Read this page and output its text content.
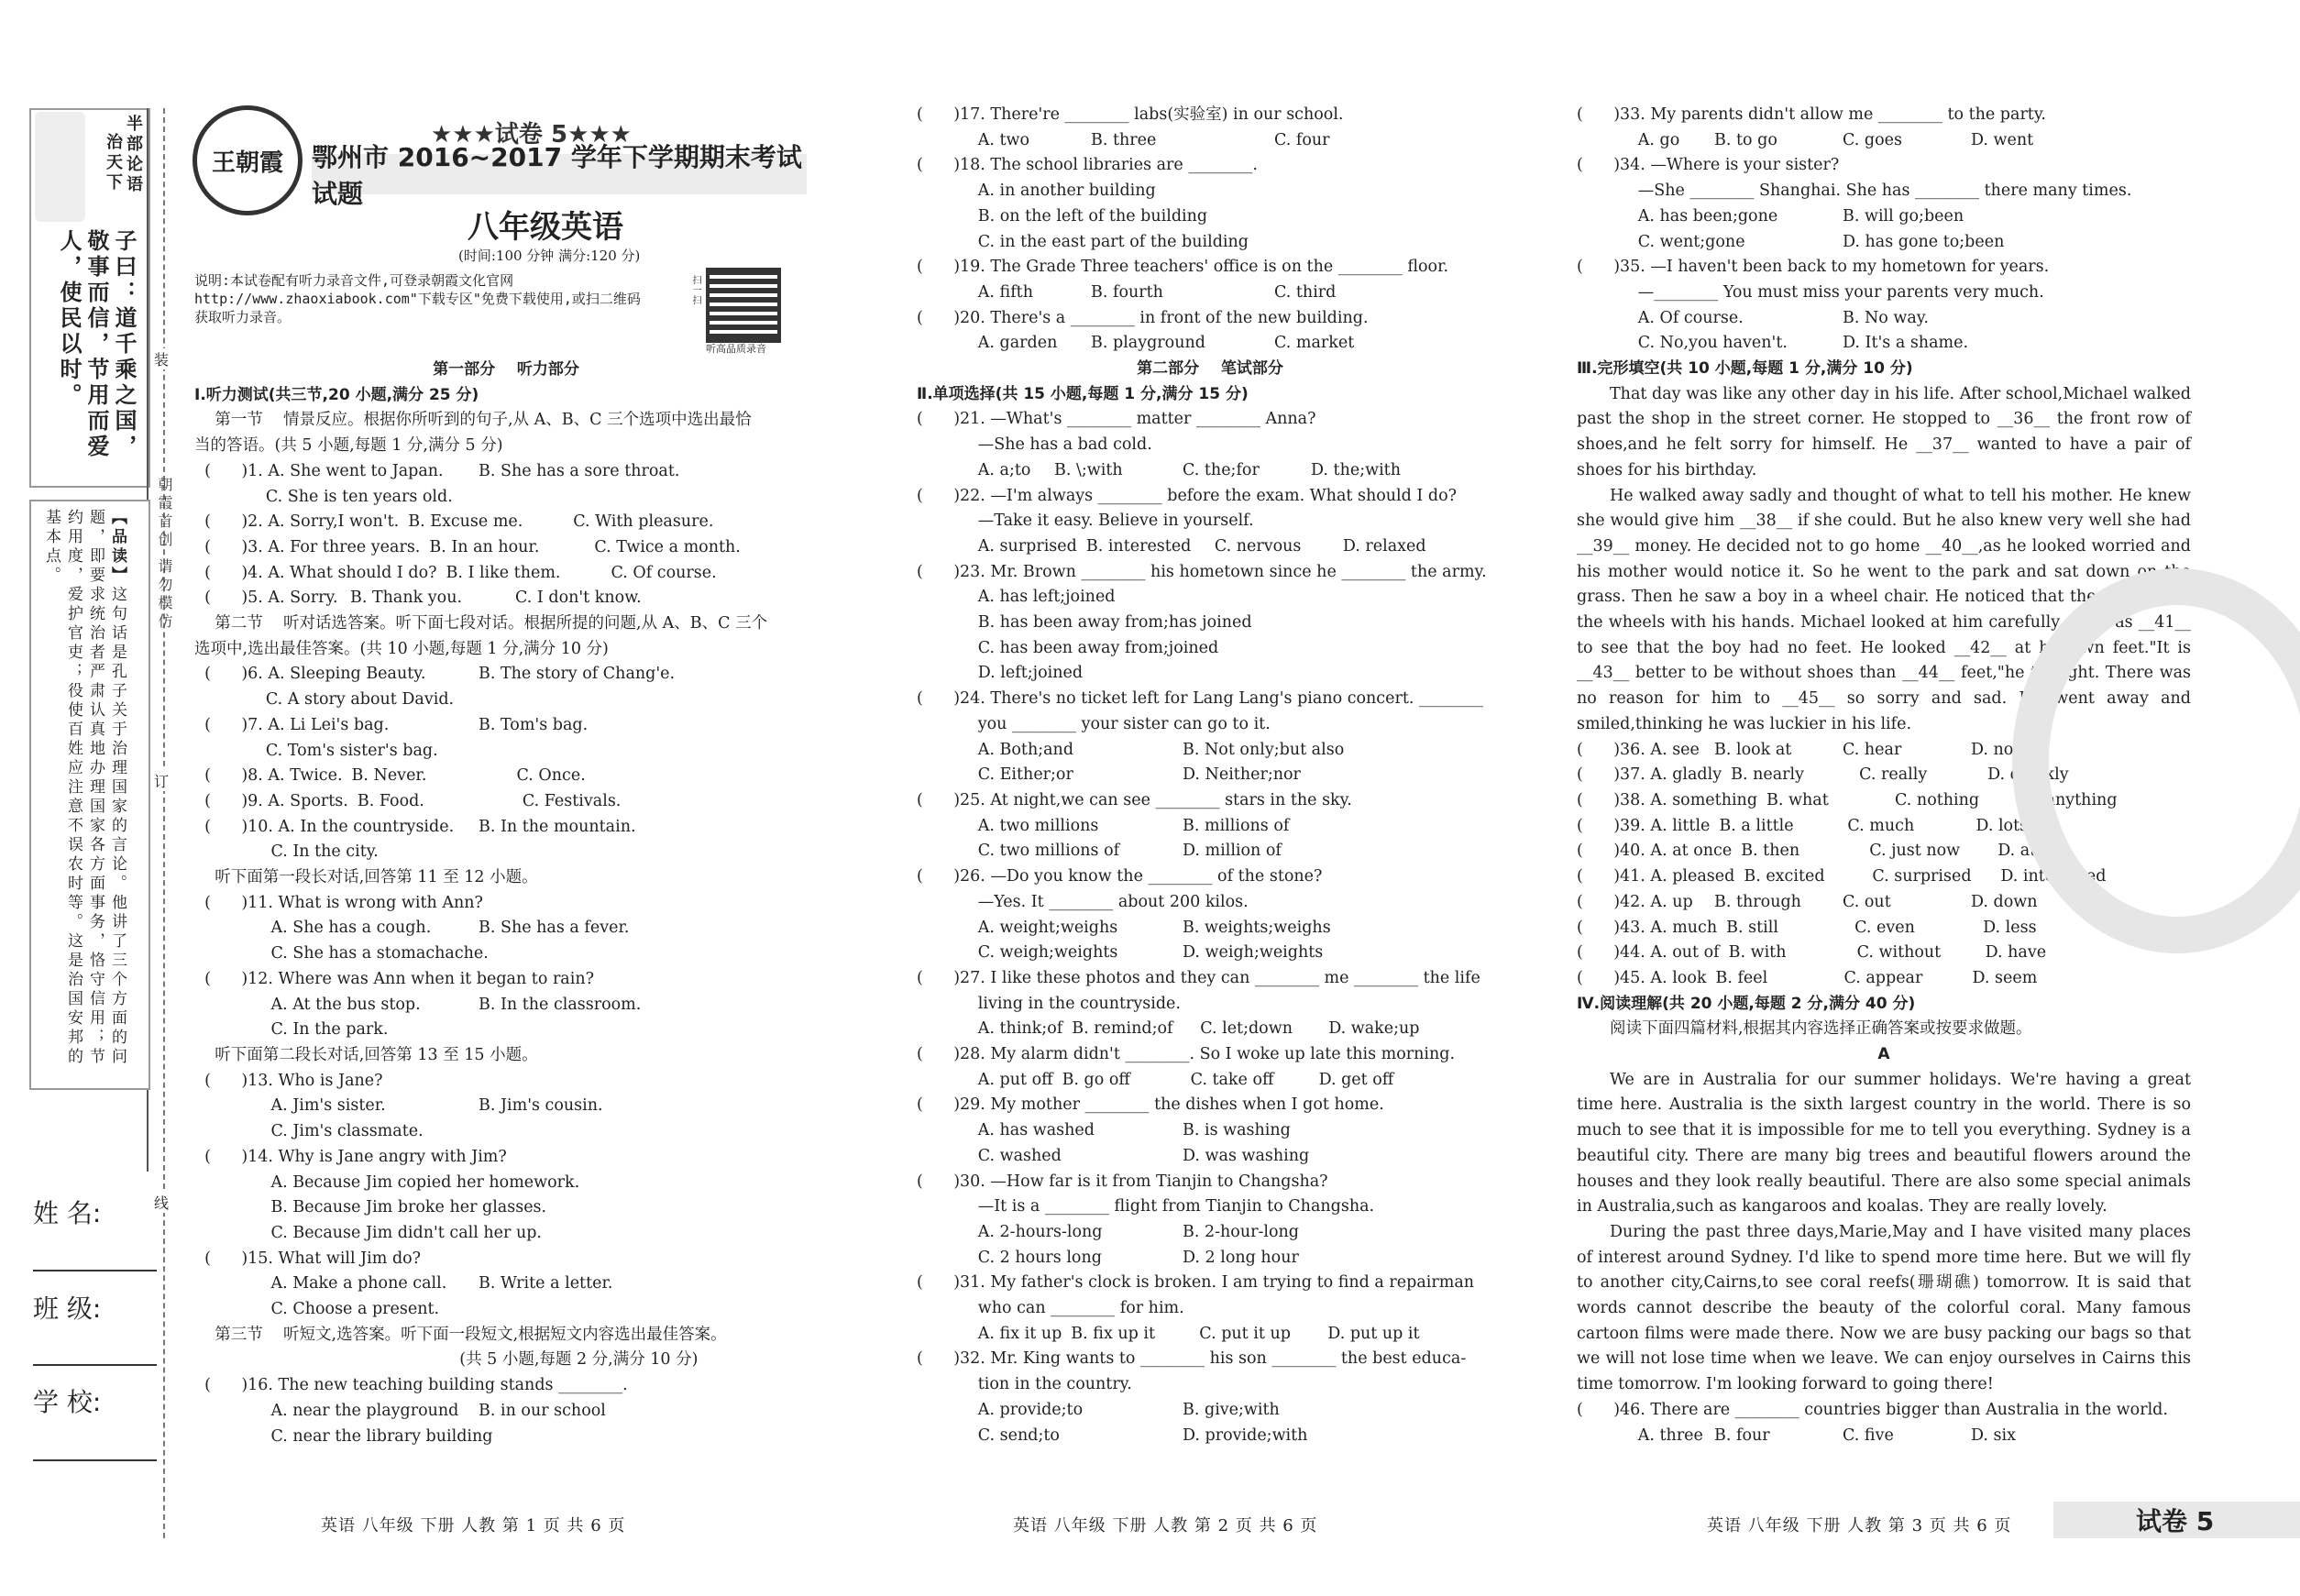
半部论语
治天下
子曰：道千乘之国，敬事而信，节用而爱人，使民以时。
【品读】这句话是孔子关于治理国家的言论。他讲了三个方面的问题，即要求统治者严肃认真地办理国家各方面事务，恪守信用；节约用度，爱护官吏；役使百姓应注意不误农时等。这是治国安邦的基本点。	朝霞首创 请勿模仿
装
订
线
姓 名:
班 级:
学 校:
王朝霞
★★★试卷 5★★★
鄂州市 2016~2017 学年下学期期末考试试题
八年级英语
(时间:100 分钟 满分:120 分)
说明:本试卷配有听力录音文件,可登录朝霞文化官网 http://www.zhaoxiabook.com"下载专区"免费下载使用,或扫二维码获取听力录音。
听高品质录音
扫一扫
第一部分    听力部分
Ⅰ.听力测试(共三节,20 小题,满分 25 分)
第一节    情景反应。根据你所听到的句子,从 A、B、C 三个选项中选出最恰
当的答语。(共 5 小题,每题 1 分,满分 5 分)
(      )1. A. She went to Japan.	B. She has a sore throat.
C. She is ten years old.
(      )2. A. Sorry,I won't. B. Excuse me.	C. With pleasure.
(      )3. A. For three years. B. In an hour.	C. Twice a month.
(      )4. A. What should I do? B. I like them.	C. Of course.
(      )5. A. Sorry. B. Thank you.	C. I don't know.
第二节    听对话选答案。听下面七段对话。根据所提的问题,从 A、B、C 三个
选项中,选出最佳答案。(共 10 小题,每题 1 分,满分 10 分)
(      )6. A. Sleeping Beauty.	B. The story of Chang'e.
C. A story about David.
(      )7. A. Li Lei's bag.	B. Tom's bag.
C. Tom's sister's bag.
(      )8. A. Twice. B. Never.	C. Once.
(      )9. A. Sports. B. Food.	C. Festivals.
(      )10. A. In the countryside.	B. In the mountain.
C. In the city.
听下面第一段长对话,回答第 11 至 12 小题。
(      )11. What is wrong with Ann?
A. She has a cough.	B. She has a fever.
C. She has a stomachache.
(      )12. Where was Ann when it began to rain?
A. At the bus stop.	B. In the classroom.
C. In the park.
听下面第二段长对话,回答第 13 至 15 小题。
(      )13. Who is Jane?
A. Jim's sister.	B. Jim's cousin.
C. Jim's classmate.
(      )14. Why is Jane angry with Jim?
A. Because Jim copied her homework.
B. Because Jim broke her glasses.
C. Because Jim didn't call her up.
(      )15. What will Jim do?
A. Make a phone call.	B. Write a letter.
C. Choose a present.
第三节    听短文,选答案。听下面一段短文,根据短文内容选出最佳答案。
(共 5 小题,每题 2 分,满分 10 分)
(      )16. The new teaching building stands ________.
A. near the playground	B. in our school
C. near the library building
(      )17. There're ________ labs(实验室) in our school.
A. two	B. three	C. four
(      )18. The school libraries are ________.
A. in another building
B. on the left of the building
C. in the east part of the building
(      )19. The Grade Three teachers' office is on the ________ floor.
A. fifth	B. fourth	C. third
(      )20. There's a ________ in front of the new building.
A. garden	B. playground	C. market
第二部分    笔试部分
Ⅱ.单项选择(共 15 小题,每题 1 分,满分 15 分)
(      )21. —What's ________ matter ________ Anna?
—She has a bad cold.
A. a;to	B. \;with	C. the;for	D. the;with
(      )22. —I'm always ________ before the exam. What should I do?
—Take it easy. Believe in yourself.
A. surprised B. interested	C. nervous	D. relaxed
(      )23. Mr. Brown ________ his hometown since he ________ the army.
A. has left;joined
B. has been away from;has joined
C. has been away from;joined
D. left;joined
(      )24. There's no ticket left for Lang Lang's piano concert. ________
you ________ your sister can go to it.
A. Both;and	B. Not only;but also
C. Either;or	D. Neither;nor
(      )25. At night,we can see ________ stars in the sky.
A. two millions	B. millions of
C. two millions of	D. million of
(      )26. —Do you know the ________ of the stone?
—Yes. It ________ about 200 kilos.
A. weight;weighs	B. weights;weighs
C. weigh;weights	D. weigh;weights
(      )27. I like these photos and they can ________ me ________ the life
living in the countryside.
A. think;of B. remind;of	C. let;down	D. wake;up
(      )28. My alarm didn't ________. So I woke up late this morning.
A. put off B. go off	C. take off	D. get off
(      )29. My mother ________ the dishes when I got home.
A. has washed	B. is washing
C. washed	D. was washing
(      )30. —How far is it from Tianjin to Changsha?
—It is a ________ flight from Tianjin to Changsha.
A. 2-hours-long	B. 2-hour-long
C. 2 hours long	D. 2 long hour
(      )31. My father's clock is broken. I am trying to find a repairman
who can ________ for him.
A. fix it up B. fix up it	C. put it up	D. put up it
(      )32. Mr. King wants to ________ his son ________ the best educa-
tion in the country.
A. provide;to	B. give;with
C. send;to	D. provide;with
(      )33. My parents didn't allow me ________ to the party.
A. go	B. to go	C. goes	D. went
(      )34. —Where is your sister?
—She ________ Shanghai. She has ________ there many times.
A. has been;gone	B. will go;been
C. went;gone	D. has gone to;been
(      )35. —I haven't been back to my hometown for years.
—________ You must miss your parents very much.
A. Of course.	B. No way.
C. No,you haven't.	D. It's a shame.
Ⅲ.完形填空(共 10 小题,每题 1 分,满分 10 分)
That day was like any other day in his life. After school,Michael walked past the shop in the street corner. He stopped to __36__ the front row of shoes,and he felt sorry for himself. He __37__ wanted to have a pair of shoes for his birthday.
He walked away sadly and thought of what to tell his mother. He knew she would give him __38__ if she could. But he also knew very well she had __39__ money. He decided not to go home __40__,as he looked worried and his mother would notice it. So he went to the park and sat down on the grass. Then he saw a boy in a wheel chair. He noticed that the boy moved the wheels with his hands. Michael looked at him carefully and was __41__ to see that the boy had no feet. He looked __42__ at his own feet."It is __43__ better to be without shoes than __44__ feet,"he thought. There was no reason for him to __45__ so sorry and sad. He went away and smiled,thinking he was luckier in his life.
(      )36. A. see B. look at	C. hear	D. notice
(      )37. A. gladly B. nearly	C. really	D. quickly
(      )38. A. something B. what	C. nothing	D. anything
(      )39. A. little B. a little	C. much	D. lots of
(      )40. A. at once B. then	C. just now	D. at all
(      )41. A. pleased B. excited	C. surprised	D. interested
(      )42. A. up	B. through	C. out	D. down
(      )43. A. much B. still	C. even	D. less
(      )44. A. out of B. with	C. without	D. have
(      )45. A. look B. feel	C. appear	D. seem
Ⅳ.阅读理解(共 20 小题,每题 2 分,满分 40 分)
阅读下面四篇材料,根据其内容选择正确答案或按要求做题。
A
We are in Australia for our summer holidays. We're having a great time here. Australia is the sixth largest country in the world. There is so much to see that it is impossible for me to tell you everything. Sydney is a beautiful city. There are many big trees and beautiful flowers around the houses and they look really beautiful. There are also some special animals in Australia,such as kangaroos and koalas. They are really lovely.
During the past three days,Marie,May and I have visited many places of interest around Sydney. I'd like to spend more time here. But we will fly to another city,Cairns,to see coral reefs(珊瑚礁) tomorrow. It is said that words cannot describe the beauty of the colorful coral. Many famous cartoon films were made there. Now we are busy packing our bags so that we will not lose time when we leave. We can enjoy ourselves in Cairns this time tomorrow. I'm looking forward to going there!
(      )46. There are ________ countries bigger than Australia in the world.
A. three B. four	C. five	D. six
英语 八年级 下册 人教 第 1 页 共 6 页	英语 八年级 下册 人教 第 2 页 共 6 页	英语 八年级 下册 人教 第 3 页 共 6 页	试卷 5
